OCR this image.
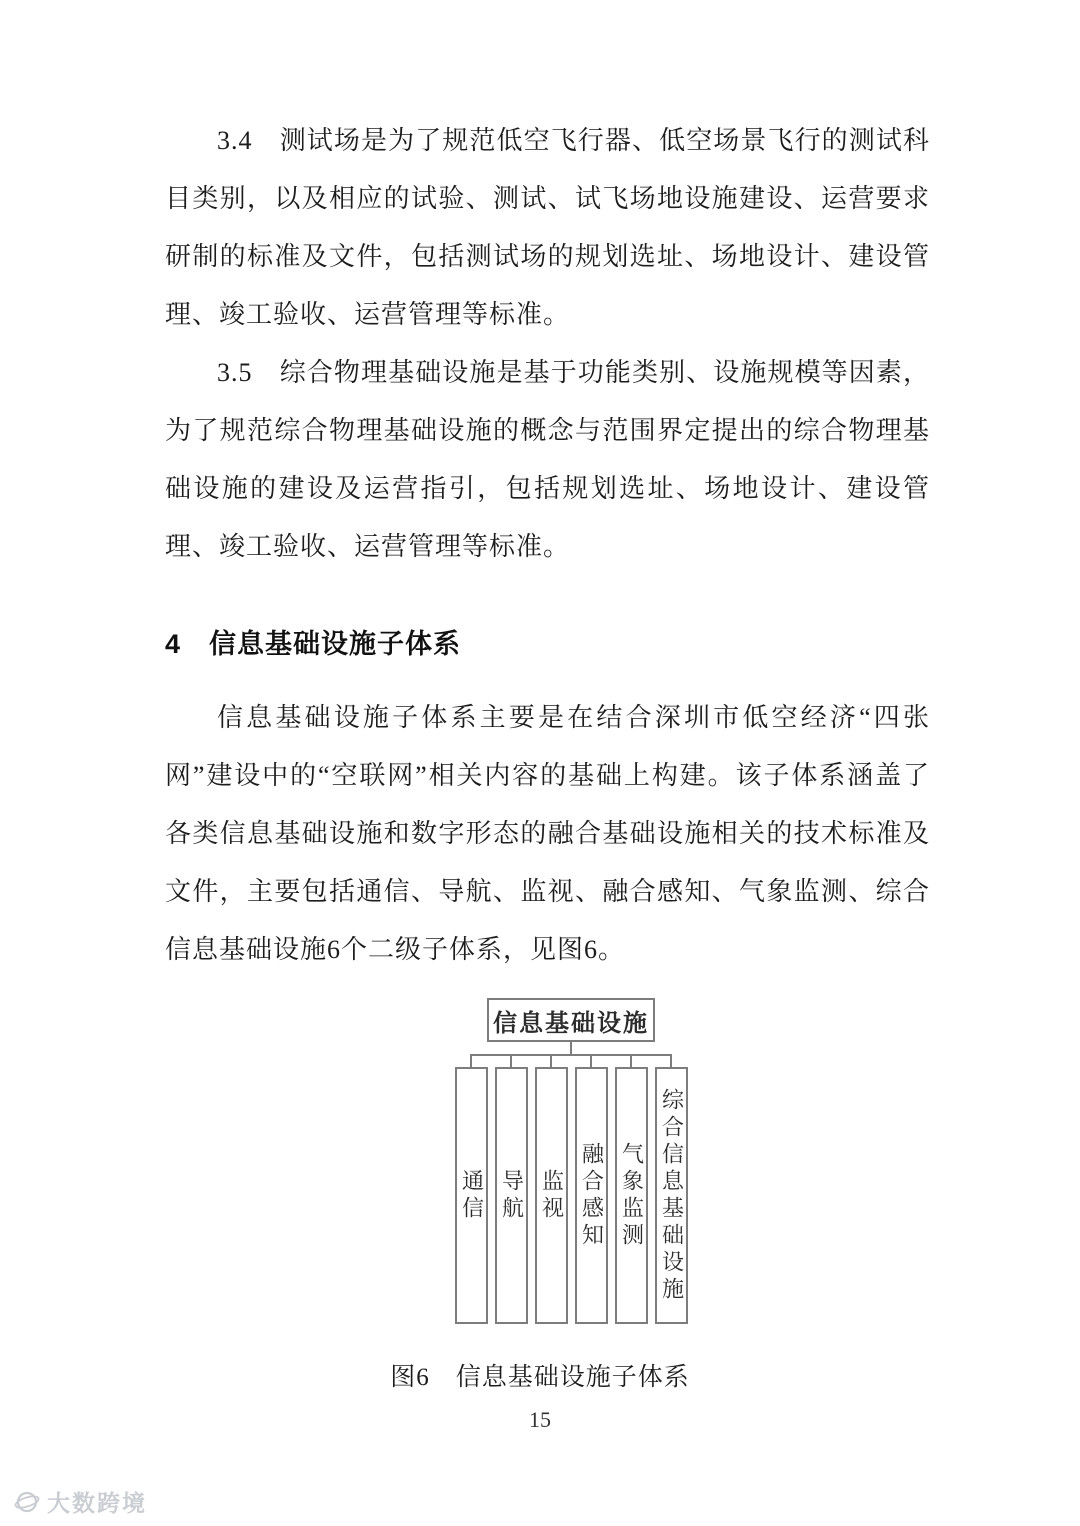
3.4　测试场是为了规范低空飞行器、低空场景飞行的测试科目类别，以及相应的试验、测试、试飞场地设施建设、运营要求研制的标准及文件，包括测试场的规划选址、场地设计、建设管理、竣工验收、运营管理等标准。

3.5　综合物理基础设施是基于功能类别、设施规模等因素，为了规范综合物理基础设施的概念与范围界定提出的综合物理基础设施的建设及运营指引，包括规划选址、场地设计、建设管理、竣工验收、运营管理等标准。

4　信息基础设施子体系

信息基础设施子体系主要是在结合深圳市低空经济“四张网”建设中的“空联网”相关内容的基础上构建。该子体系涵盖了各类信息基础设施和数字形态的融合基础设施相关的技术标准及文件，主要包括通信、导航、监视、融合感知、气象监测、综合信息基础设施6个二级子体系，见图6。

信息基础设施
通信 导航 监视 融合感知 气象监测 综合信息基础设施
图6　信息基础设施子体系
15
大数跨境
